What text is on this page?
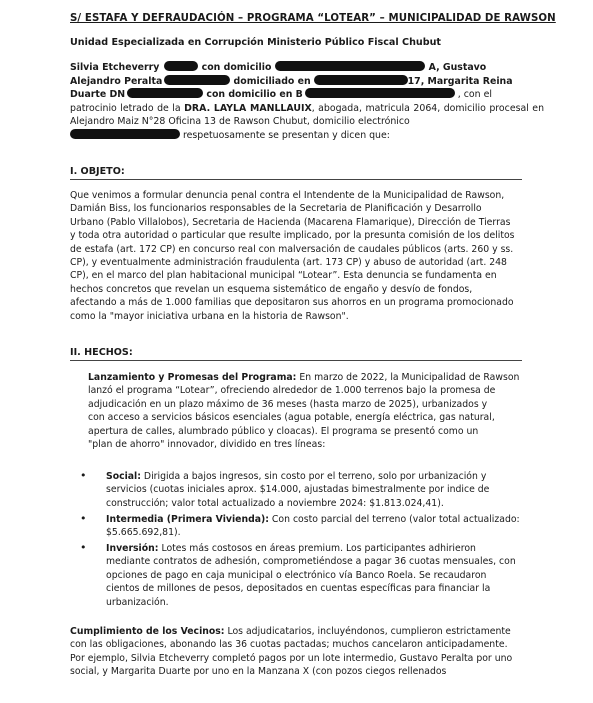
S/ ESTAFA Y DEFRAUDACIÓN – PROGRAMA “LOTEAR” – MUNICIPALIDAD DE RAWSON
Unidad Especializada en Corrupción Ministerio Público Fiscal Chubut
Silvia Etcheverry	con domicilio	A, Gustavo
Alejandro Peralta	domiciliado en	17, Margarita Reina
Duarte DN	con domicilio en B	, con el
patrocinio letrado de la DRA. LAYLA MANLLAUIX, abogada, matricula 2064, domicilio procesal en Alejandro Maiz N°28 Oficina 13 de Rawson Chubut, domicilio electrónico
respetuosamente se presentan y dicen que:
I. OBJETO:
Que venimos a formular denuncia penal contra el Intendente de la Municipalidad de Rawson,
Damián Biss, los funcionarios responsables de la Secretaria de Planificación y Desarrollo
Urbano (Pablo Villalobos), Secretaria de Hacienda (Macarena Flamarique), Dirección de Tierras
y toda otra autoridad o particular que resulte implicado, por la presunta comisión de los delitos
de estafa (art. 172 CP) en concurso real con malversación de caudales públicos (arts. 260 y ss.
CP), y eventualmente administración fraudulenta (art. 173 CP) y abuso de autoridad (art. 248
CP), en el marco del plan habitacional municipal “Lotear”. Esta denuncia se fundamenta en
hechos concretos que revelan un esquema sistemático de engaño y desvío de fondos,
afectando a más de 1.000 familias que depositaron sus ahorros en un programa promocionado
como la "mayor iniciativa urbana en la historia de Rawson".
II. HECHOS:
Lanzamiento y Promesas del Programa: En marzo de 2022, la Municipalidad de Rawson
lanzó el programa “Lotear”, ofreciendo alrededor de 1.000 terrenos bajo la promesa de
adjudicación en un plazo máximo de 36 meses (hasta marzo de 2025), urbanizados y
con acceso a servicios básicos esenciales (agua potable, energía eléctrica, gas natural,
apertura de calles, alumbrado público y cloacas). El programa se presentó como un
"plan de ahorro" innovador, dividido en tres líneas:
• Social: Dirigida a bajos ingresos, sin costo por el terreno, solo por urbanización y
servicios (cuotas iniciales aprox. $14.000, ajustadas bimestralmente por indice de
construcción; valor total actualizado a noviembre 2024: $1.813.024,41).
• Intermedia (Primera Vivienda): Con costo parcial del terreno (valor total actualizado:
$5.665.692,81).
• Inversión: Lotes más costosos en áreas premium. Los participantes adhirieron
mediante contratos de adhesión, comprometiéndose a pagar 36 cuotas mensuales, con
opciones de pago en caja municipal o electrónico vía Banco Roela. Se recaudaron
cientos de millones de pesos, depositados en cuentas específicas para financiar la
urbanización.
Cumplimiento de los Vecinos: Los adjudicatarios, incluyéndonos, cumplieron estrictamente
con las obligaciones, abonando las 36 cuotas pactadas; muchos cancelaron anticipadamente.
Por ejemplo, Silvia Etcheverry completó pagos por un lote intermedio, Gustavo Peralta por uno
social, y Margarita Duarte por uno en la Manzana X (con pozos ciegos rellenados
